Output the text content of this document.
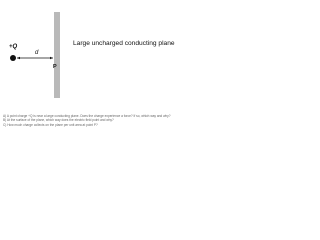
Large uncharged conducting plane
+Q
d
P
A) A point charge +Q is near a large conducting plane. Does the charge experience a force? If so, which way and why?
B) At the surface of the plane, which way does the electric field point and why?
C) How much charge collects on the plane per unit area at point P?
